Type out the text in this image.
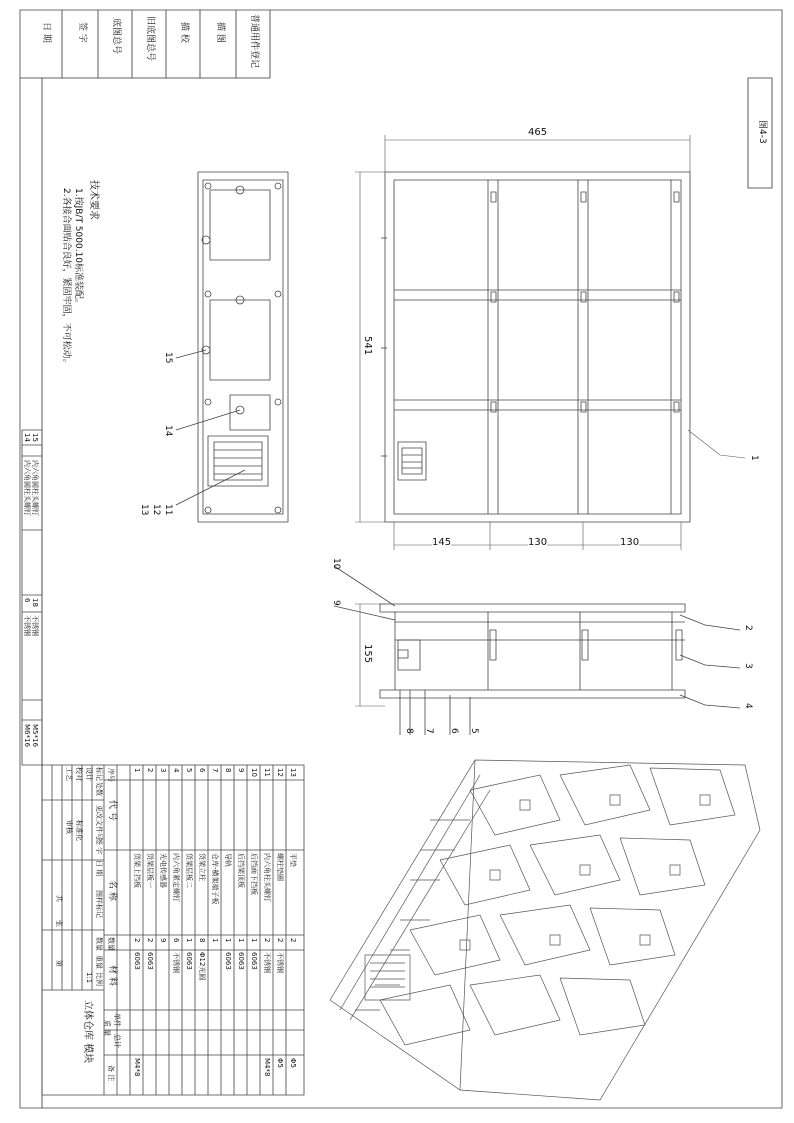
普通用件登记
描 图
描 校
旧底图总号
底图总号
签 字
日 期
图4-3
技术要求
1.按JB/T 5000.10标准装配。
2.各接合面贴合良好，紧固牢固，不可松动。
465
541
145	130	130
155
1
2
3
4
5
6
7
8
9
10
11
12
13
14
15
15
14
内六角圆柱头螺钉
内六角圆柱头螺钉
18
不锈钢
6
不锈钢
M5*16
M6*16
序号
代 号
名 称
数量
材 料
单件
总计
质 量
备 注
13
平垫
2
Φ5
12
螺柱垫圈
2
不锈钢
Φ5
11
内六角柱头螺钉
2
不锈钢
M4*8
10
后挡面下挡板
1
6063
9
后挡架顶板
1
6063
8
导轨
1
6063
7
仓库-横架端子板
1
6
货架立柱
8
Φ12光圆
5
货架层板二
1
6063
4
内六角紧定螺钉
6
不锈钢
3
光电传感器
9
2
货架层板一
2
6063
1
货架上挡板
2
6063
M4*8
立体仓库 模块
标记
处数
更改文件号
签 字
日 期
设计
校对
工艺
标准化
审核
图样标记
数量
重量
比例
1:1
共
第
张
